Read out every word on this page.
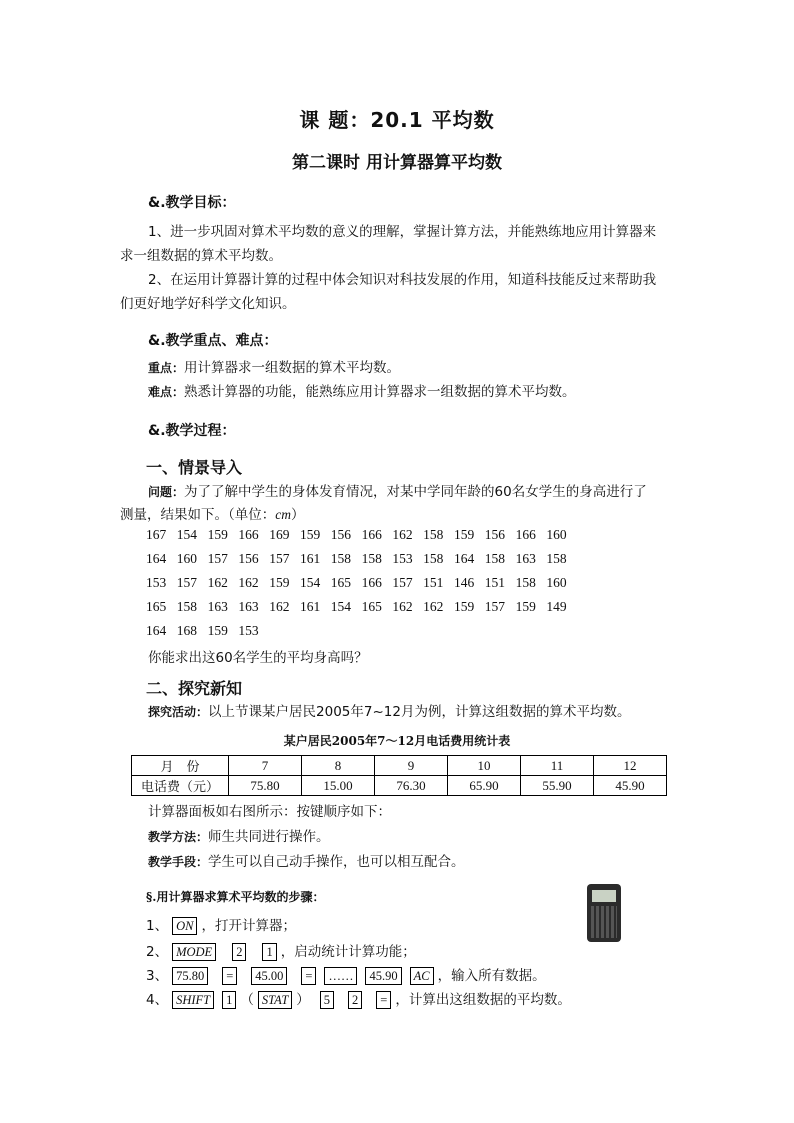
课 题：20.1 平均数
第二课时 用计算器算平均数
&.教学目标：
1、进一步巩固对算术平均数的意义的理解，掌握计算方法，并能熟练地应用计算器来
求一组数据的算术平均数。
2、在运用计算器计算的过程中体会知识对科技发展的作用，知道科技能反过来帮助我
们更好地学好科学文化知识。
&.教学重点、难点：
重点：用计算器求一组数据的算术平均数。
难点：熟悉计算器的功能，能熟练应用计算器求一组数据的算术平均数。
&.教学过程：
一、情景导入
问题：为了了解中学生的身体发育情况，对某中学同年龄的60名女学生的身高进行了
测量，结果如下。（单位：cm）
167 154 159 166 169 159 156 166 162 158 159 156 166 160
164 160 157 156 157 161 158 158 153 158 164 158 163 158
153 157 162 162 159 154 165 166 157 151 146 151 158 160
165 158 163 163 162 161 154 165 162 162 159 157 159 149
164 168 159 153
你能求出这60名学生的平均身高吗？
二、探究新知
探究活动：以上节课某户居民2005年7~12月为例，计算这组数据的算术平均数。
某户居民2005年7～12月电话费用统计表
月　份	7	8	9	10	11	12
电话费（元）	75.80	15.00	76.30	65.90	55.90	45.90
计算器面板如右图所示：按键顺序如下：
教学方法：师生共同进行操作。
教学手段：学生可以自己动手操作，也可以相互配合。
§.用计算器求算术平均数的步骤：
1、 ON ，打开计算器；
2、 MODE 2 1 ，启动统计计算功能；
3、 75.80 = 45.00 = …… 45.90 AC ，输入所有数据。
4、 SHIFT 1 （ STAT ） 5 2 = ，计算出这组数据的平均数。
